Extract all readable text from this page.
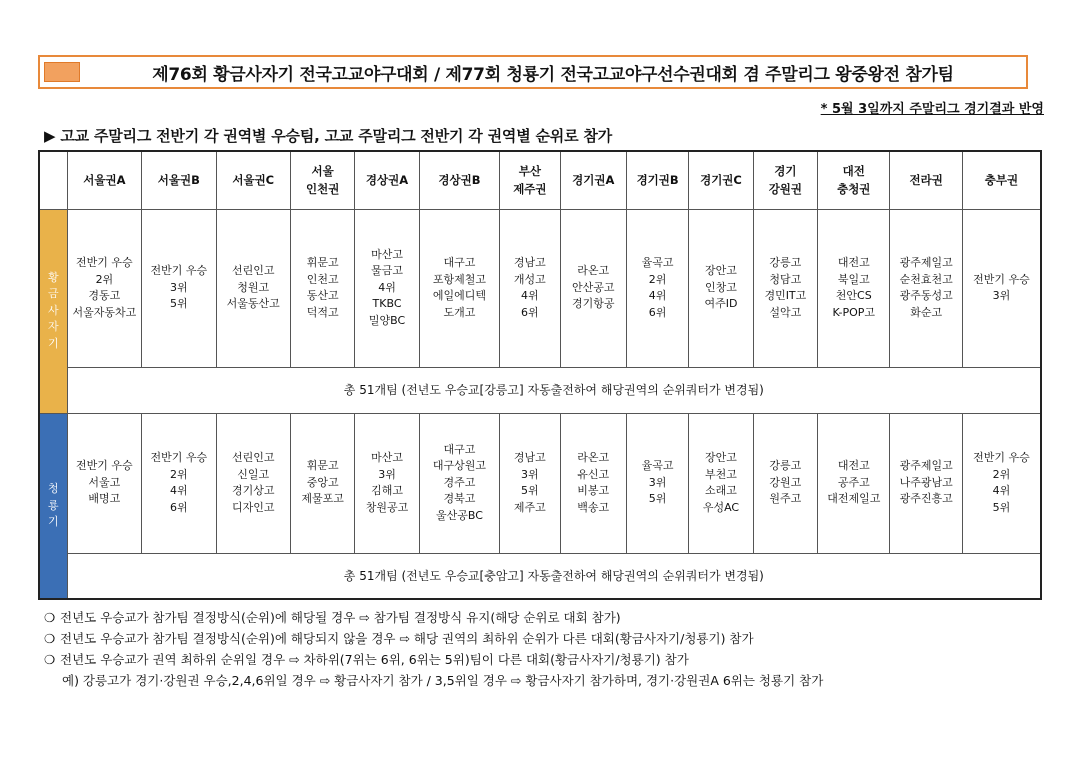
제76회 황금사자기 전국고교야구대회 / 제77회 청룡기 전국고교야구선수권대회 겸 주말리그 왕중왕전 참가팀
* 5월 3일까지 주말리그 경기결과 반영
▶ 고교 주말리그 전반기 각 권역별 우승팀, 고교 주말리그 전반기 각 권역별 순위로 참가

	서울권A	서울권B	서울권C	서울
인천권	경상권A	경상권B	부산
제주권	경기권A	경기권B	경기권C	경기
강원권	대전
충청권	전라권	충부권

황
금
사
자
기	전반기 우승
2위
경동고
서울자동차고	전반기 우승
3위
5위	선린인고
청원고
서울동산고	휘문고
인천고
동산고
덕적고	마산고
물금고
4위
TKBC
밀양BC	대구고
포항제철고
에일에디텍
도개고	경남고
개성고
4위
6위	라온고
안산공고
경기항공	율곡고
2위
4위
6위	장안고
인창고
여주ID	강릉고
청담고
경민IT고
설악고	대전고
북일고
천안CS
K-POP고	광주제일고
순천효천고
광주동성고
화순고	전반기 우승
3위

	총 51개팀 (전년도 우승교[강릉고] 자동출전하여 해당권역의 순위쿼터가 변경됨)													

청
룡
기	전반기 우승
서울고
배명고	전반기 우승
2위
4위
6위	선린인고
신일고
경기상고
디자인고	휘문고
중앙고
제물포고	마산고
3위
김해고
창원공고	대구고
대구상원고
경주고
경북고
울산공BC	경남고
3위
5위
제주고	라온고
유신고
비봉고
백송고	율곡고
3위
5위	장안고
부천고
소래고
우성AC	강릉고
강원고
원주고	대전고
공주고
대전제일고	광주제일고
나주광남고
광주진흥고	전반기 우승
2위
4위
5위

	총 51개팀 (전년도 우승교[충암고] 자동출전하여 해당권역의 순위쿼터가 변경됨)													
❍ 전년도 우승교가 참가팀 결정방식(순위)에 해당될 경우 ⇨ 참가팀 결정방식 유지(해당 순위로 대회 참가)
❍ 전년도 우승교가 참가팀 결정방식(순위)에 해당되지 않을 경우 ⇨ 해당 권역의 최하위 순위가 다른 대회(황금사자기/청룡기) 참가
❍ 전년도 우승교가 권역 최하위 순위일 경우 ⇨ 차하위(7위는 6위, 6위는 5위)팀이 다른 대회(황금사자기/청룡기) 참가
예) 강릉고가 경기·강원권 우승,2,4,6위일 경우 ⇨ 황금사자기 참가 / 3,5위일 경우 ⇨ 황금사자기 참가하며, 경기·강원권A 6위는 청룡기 참가
